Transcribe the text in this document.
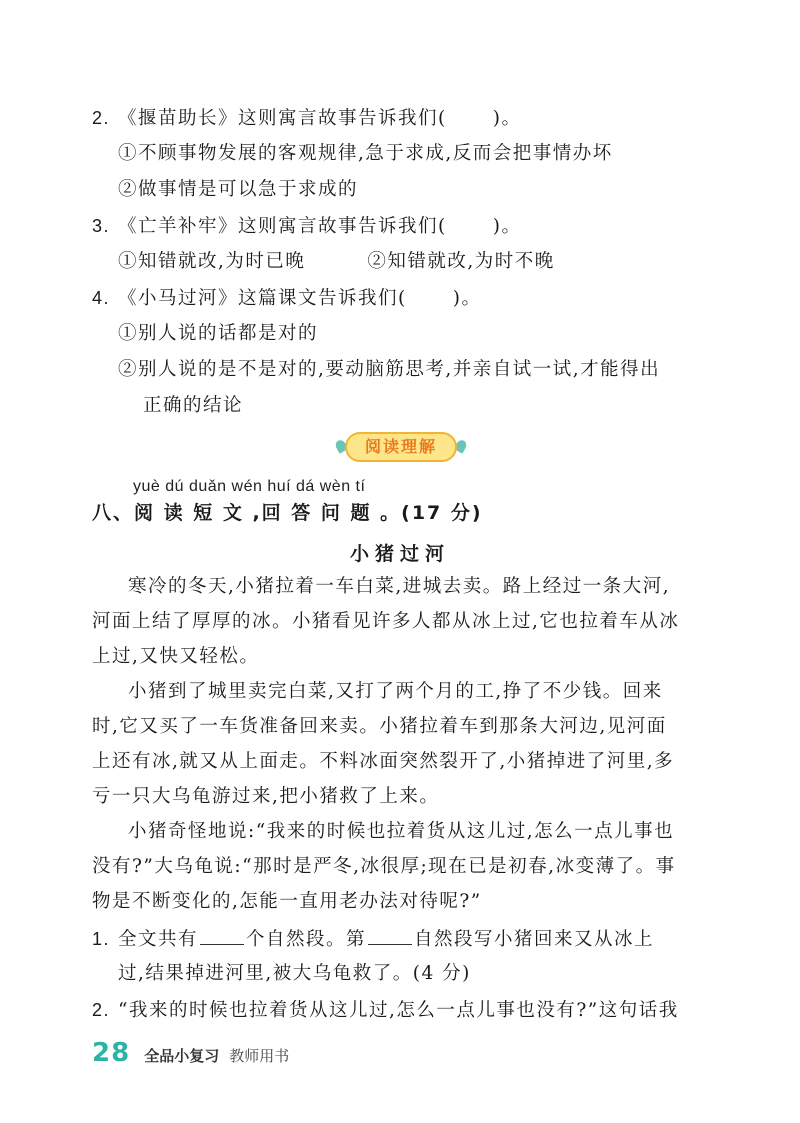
2. 《揠苗助长》这则寓言故事告诉我们( )。
①不顾事物发展的客观规律,急于求成,反而会把事情办坏
②做事情是可以急于求成的
3. 《亡羊补牢》这则寓言故事告诉我们( )。
①知错就改,为时已晚	②知错就改,为时不晚
4. 《小马过河》这篇课文告诉我们( )。
①别人说的话都是对的
②别人说的是不是对的,要动脑筋思考,并亲自试一试,才能得出
正确的结论
阅读理解
yuè dú duǎn wén huí dá wèn tí
八、阅 读 短 文 ,回 答 问 题 。(17 分)
小猪过河
寒冷的冬天,小猪拉着一车白菜,进城去卖。路上经过一条大河,
河面上结了厚厚的冰。小猪看见许多人都从冰上过,它也拉着车从冰
上过,又快又轻松。
小猪到了城里卖完白菜,又打了两个月的工,挣了不少钱。回来
时,它又买了一车货准备回来卖。小猪拉着车到那条大河边,见河面
上还有冰,就又从上面走。不料冰面突然裂开了,小猪掉进了河里,多
亏一只大乌龟游过来,把小猪救了上来。
小猪奇怪地说:“我来的时候也拉着货从这儿过,怎么一点儿事也
没有?”大乌龟说:“那时是严冬,冰很厚;现在已是初春,冰变薄了。事
物是不断变化的,怎能一直用老办法对待呢?”
1. 全文共有	个自然段。第	自然段写小猪回来又从冰上
过,结果掉进河里,被大乌龟救了。(4 分)
2. “我来的时候也拉着货从这儿过,怎么一点儿事也没有?”这句话我
28 全品小复习 教师用书
